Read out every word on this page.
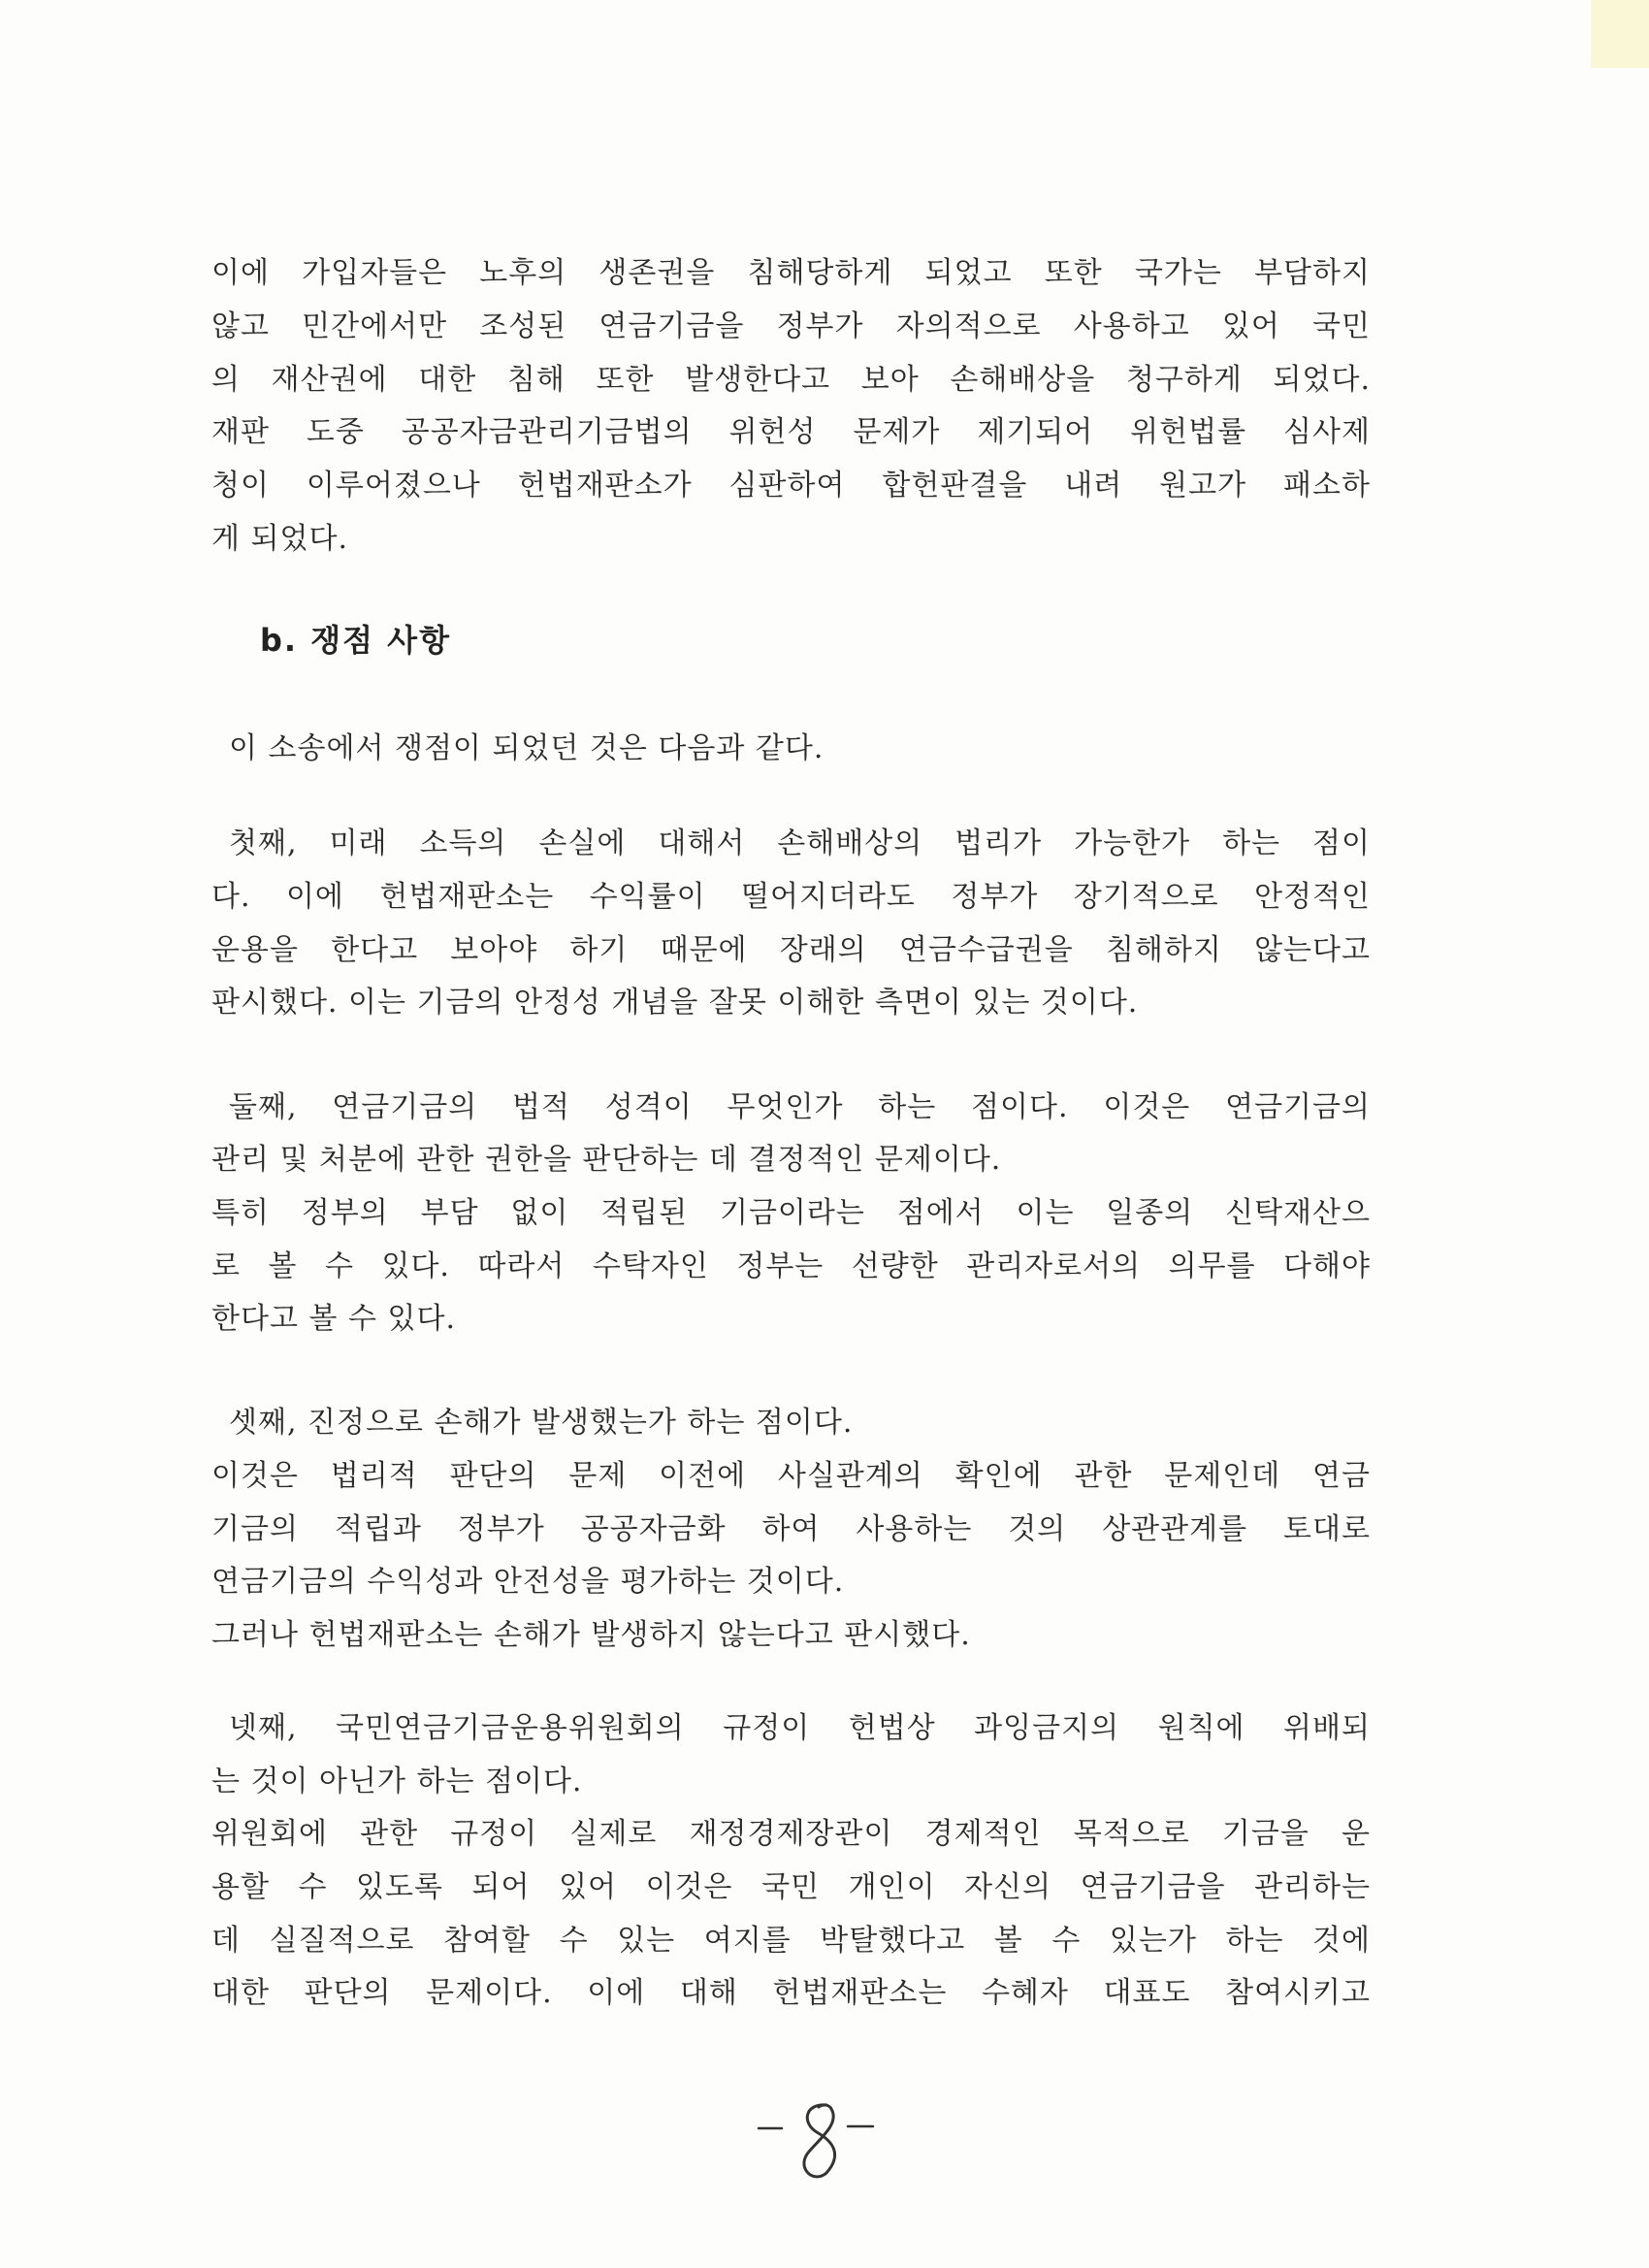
이에 가입자들은 노후의 생존권을 침해당하게 되었고 또한 국가는 부담하지
않고 민간에서만 조성된 연금기금을 정부가 자의적으로 사용하고 있어 국민
의 재산권에 대한 침해 또한 발생한다고 보아 손해배상을 청구하게 되었다.
재판 도중 공공자금관리기금법의 위헌성 문제가 제기되어 위헌법률 심사제
청이 이루어졌으나 헌법재판소가 심판하여 합헌판결을 내려 원고가 패소하
게 되었다.
b. 쟁점 사항
이 소송에서 쟁점이 되었던 것은 다음과 같다.
첫째, 미래 소득의 손실에 대해서 손해배상의 법리가 가능한가 하는 점이
다. 이에 헌법재판소는 수익률이 떨어지더라도 정부가 장기적으로 안정적인
운용을 한다고 보아야 하기 때문에 장래의 연금수급권을 침해하지 않는다고
판시했다. 이는 기금의 안정성 개념을 잘못 이해한 측면이 있는 것이다.
둘째, 연금기금의 법적 성격이 무엇인가 하는 점이다. 이것은 연금기금의
관리 및 처분에 관한 권한을 판단하는 데 결정적인 문제이다.
특히 정부의 부담 없이 적립된 기금이라는 점에서 이는 일종의 신탁재산으
로 볼 수 있다. 따라서 수탁자인 정부는 선량한 관리자로서의 의무를 다해야
한다고 볼 수 있다.
셋째, 진정으로 손해가 발생했는가 하는 점이다.
이것은 법리적 판단의 문제 이전에 사실관계의 확인에 관한 문제인데 연금
기금의 적립과 정부가 공공자금화 하여 사용하는 것의 상관관계를 토대로
연금기금의 수익성과 안전성을 평가하는 것이다.
그러나 헌법재판소는 손해가 발생하지 않는다고 판시했다.
넷째, 국민연금기금운용위원회의 규정이 헌법상 과잉금지의 원칙에 위배되
는 것이 아닌가 하는 점이다.
위원회에 관한 규정이 실제로 재정경제장관이 경제적인 목적으로 기금을 운
용할 수 있도록 되어 있어 이것은 국민 개인이 자신의 연금기금을 관리하는
데 실질적으로 참여할 수 있는 여지를 박탈했다고 볼 수 있는가 하는 것에
대한 판단의 문제이다. 이에 대해 헌법재판소는 수혜자 대표도 참여시키고
